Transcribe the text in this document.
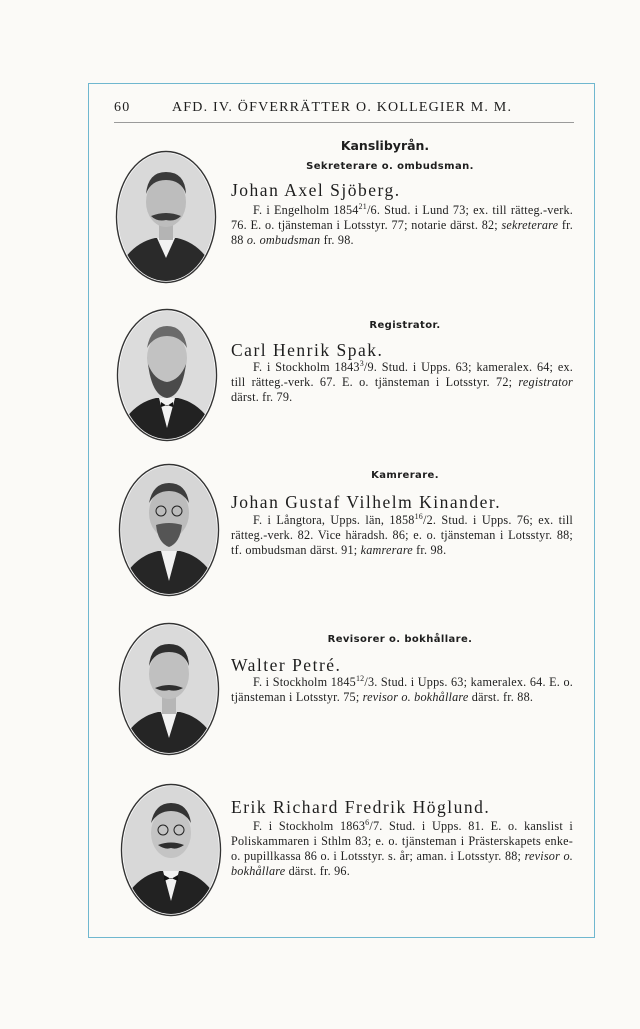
60	AFD. IV. ÖFVERRÄTTER O. KOLLEGIER M. M.
Kanslibyrån.
Sekreterare o. ombudsman.
Johan Axel Sjöberg.
F. i Engelholm 1854$^{21}$/6. Stud. i Lund 73; ex. till rätteg.-verk. 76. E. o. tjänsteman i Lotsstyr. 77; notarie därst. 82; sekreterare fr. 88 o. ombudsman fr. 98.
Registrator.
Carl Henrik Spak.
F. i Stockholm 1843$^3$/9. Stud. i Upps. 63; kameralex. 64; ex. till rätteg.-verk. 67. E. o. tjänsteman i Lotsstyr. 72; registrator därst. fr. 79.
Kamrerare.
Johan Gustaf Vilhelm Kinander.
F. i Långtora, Upps. län, 1858$^{16}$/2. Stud. i Upps. 76; ex. till rätteg.-verk. 82. Vice häradsh. 86; e. o. tjänsteman i Lotsstyr. 88; tf. ombudsman därst. 91; kamrerare fr. 98.
Revisorer o. bokhållare.
Walter Petré.
F. i Stockholm 1845$^{12}$/3. Stud. i Upps. 63; kameralex. 64. E. o. tjänsteman i Lotsstyr. 75; revisor o. bokhållare därst. fr. 88.
Erik Richard Fredrik Höglund.
F. i Stockholm 1863$^6$/7. Stud. i Upps. 81. E. o. kanslist i Poliskammaren i Sthlm 83; e. o. tjänsteman i Prästerskapets enke- o. pupillkassa 86 o. i Lotsstyr. s. år; aman. i Lotsstyr. 88; revisor o. bokhållare därst. fr. 96.
